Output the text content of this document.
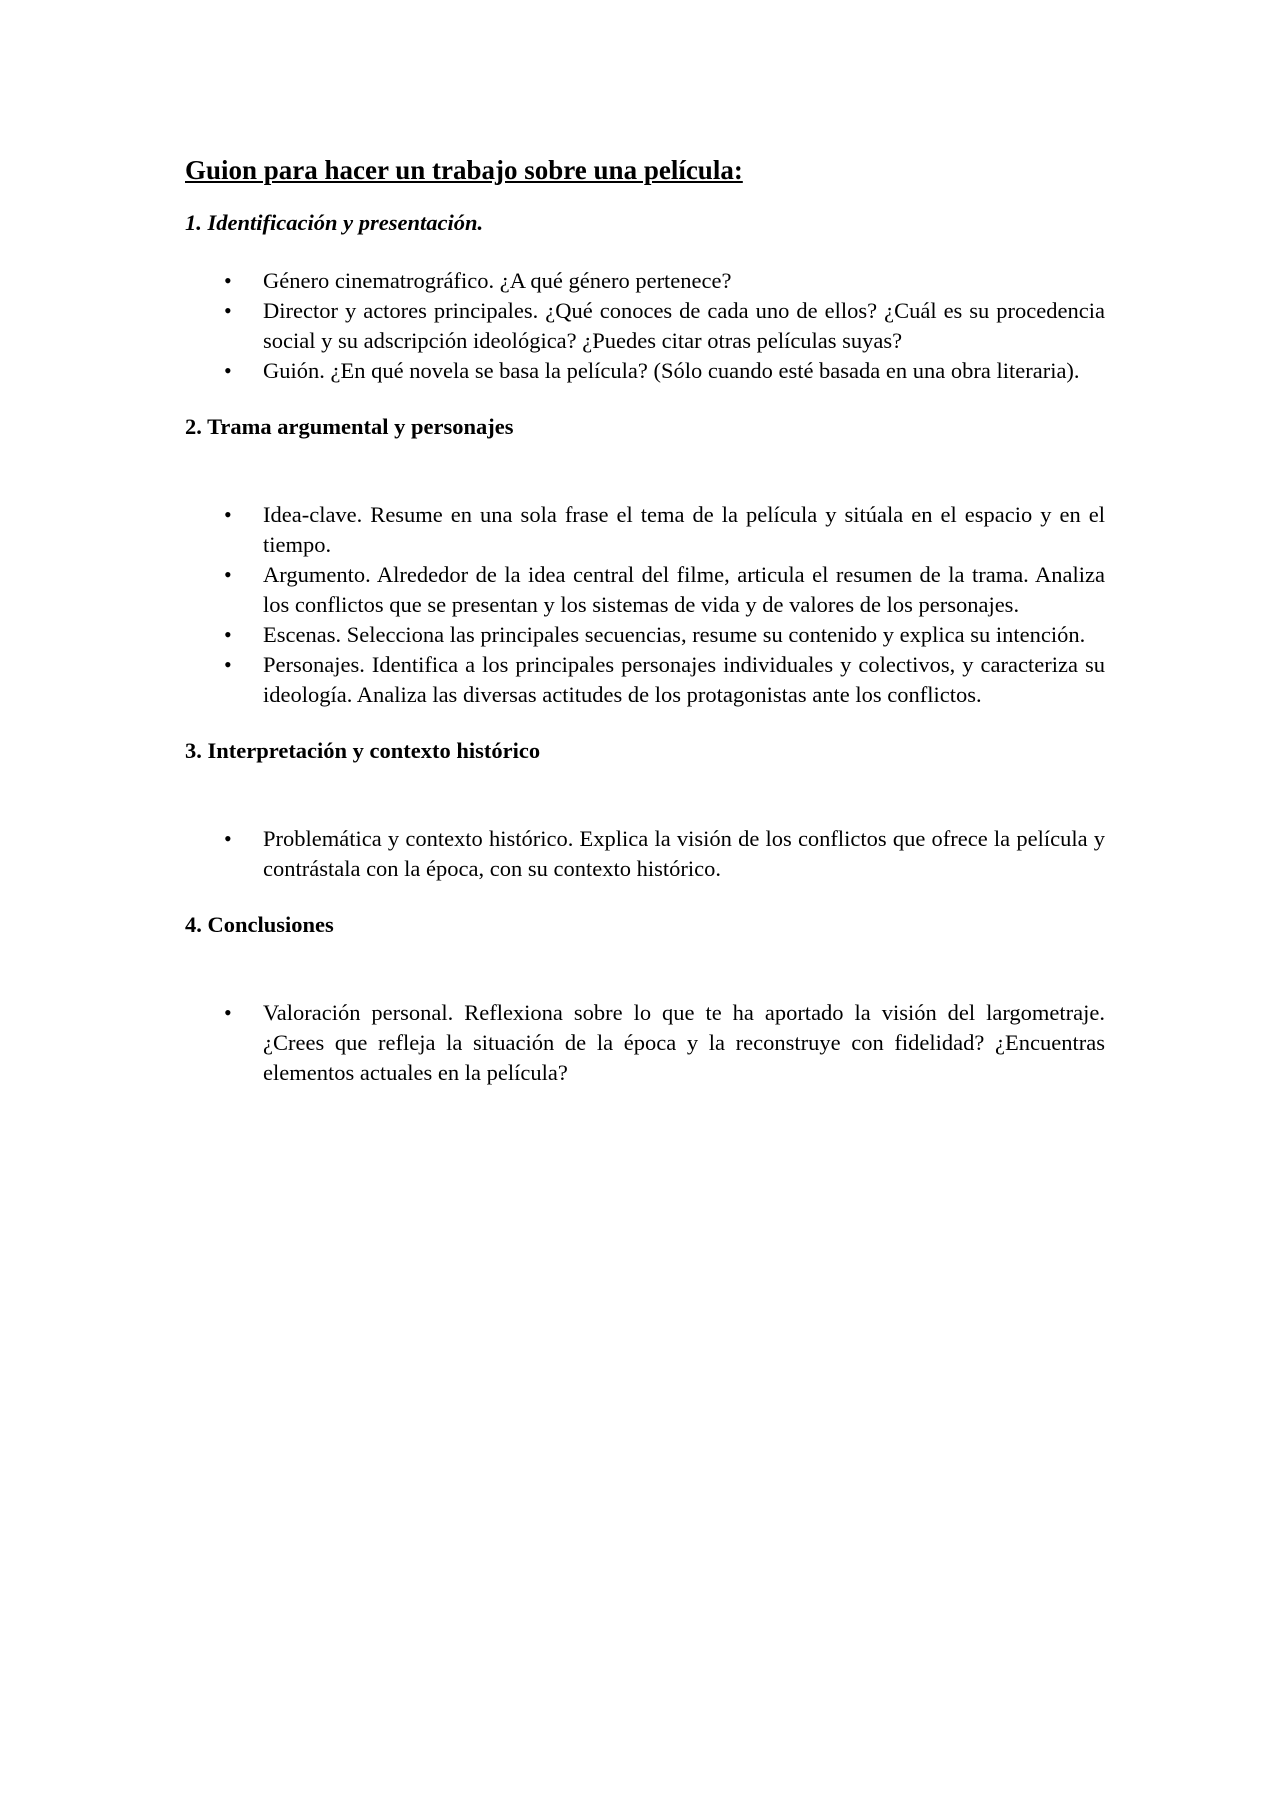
Guion para hacer un trabajo sobre una película:
1. Identificación y presentación.
• Género cinematrográfico. ¿A qué género pertenece?
• Director y actores principales. ¿Qué conoces de cada uno de ellos? ¿Cuál es su procedencia social y su adscripción ideológica? ¿Puedes citar otras películas suyas?
• Guión. ¿En qué novela se basa la película? (Sólo cuando esté basada en una obra literaria).
2. Trama argumental y personajes
• Idea-clave. Resume en una sola frase el tema de la película y sitúala en el espacio y en el tiempo.
• Argumento. Alrededor de la idea central del filme, articula el resumen de la trama. Analiza los conflictos que se presentan y los sistemas de vida y de valores de los personajes.
• Escenas. Selecciona las principales secuencias, resume su contenido y explica su intención.
• Personajes. Identifica a los principales personajes individuales y colectivos, y caracteriza su ideología. Analiza las diversas actitudes de los protagonistas ante los conflictos.
3. Interpretación y contexto histórico
• Problemática y contexto histórico. Explica la visión de los conflictos que ofrece la película y contrástala con la época, con su contexto histórico.
4. Conclusiones
• Valoración personal. Reflexiona sobre lo que te ha aportado la visión del largometraje. ¿Crees que refleja la situación de la época y la reconstruye con fidelidad? ¿Encuentras elementos actuales en la película?
